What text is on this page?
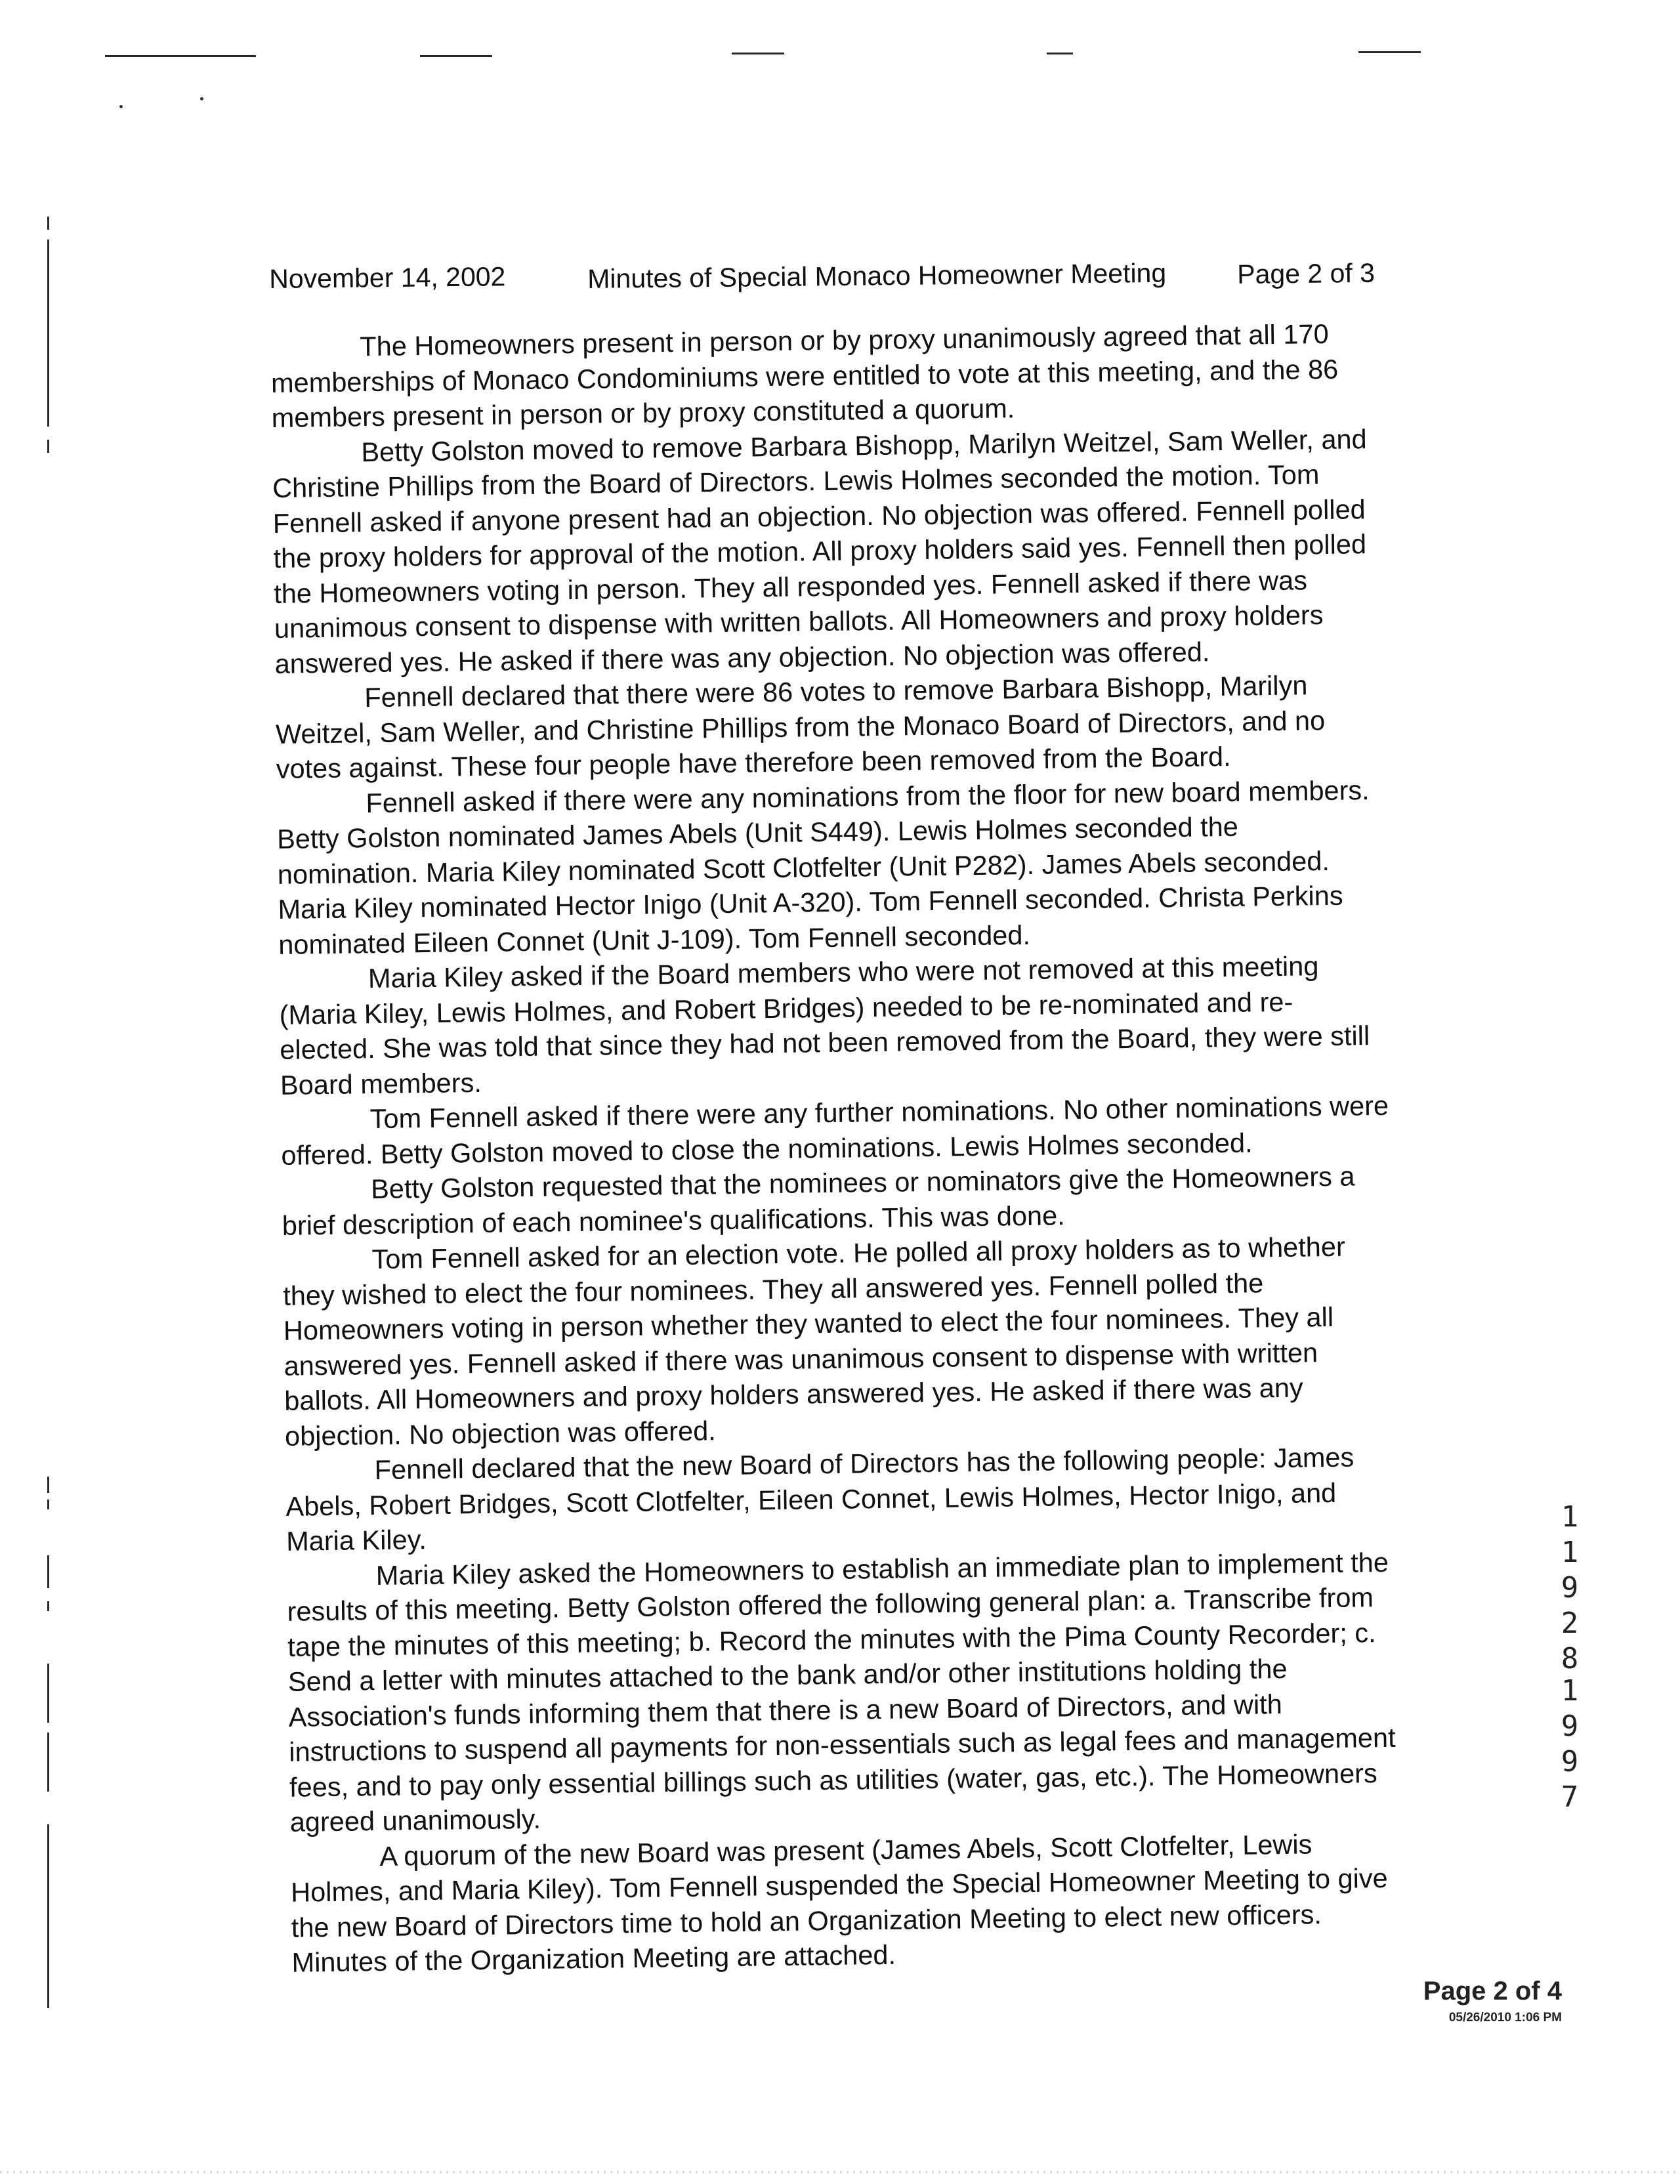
November 14, 2002	Minutes of Special Monaco Homeowner Meeting	Page 2 of 3

The Homeowners present in person or by proxy unanimously agreed that all 170 memberships of Monaco Condominiums were entitled to vote at this meeting, and the 86 members present in person or by proxy constituted a quorum.

Betty Golston moved to remove Barbara Bishopp, Marilyn Weitzel, Sam Weller, and Christine Phillips from the Board of Directors. Lewis Holmes seconded the motion. Tom Fennell asked if anyone present had an objection. No objection was offered. Fennell polled the proxy holders for approval of the motion. All proxy holders said yes. Fennell then polled the Homeowners voting in person. They all responded yes. Fennell asked if there was unanimous consent to dispense with written ballots. All Homeowners and proxy holders answered yes. He asked if there was any objection. No objection was offered.

Fennell declared that there were 86 votes to remove Barbara Bishopp, Marilyn Weitzel, Sam Weller, and Christine Phillips from the Monaco Board of Directors, and no votes against. These four people have therefore been removed from the Board.

Fennell asked if there were any nominations from the floor for new board members. Betty Golston nominated James Abels (Unit S449). Lewis Holmes seconded the nomination. Maria Kiley nominated Scott Clotfelter (Unit P282). James Abels seconded. Maria Kiley nominated Hector Inigo (Unit A-320). Tom Fennell seconded. Christa Perkins nominated Eileen Connet (Unit J-109). Tom Fennell seconded.

Maria Kiley asked if the Board members who were not removed at this meeting (Maria Kiley, Lewis Holmes, and Robert Bridges) needed to be re-nominated and re-elected. She was told that since they had not been removed from the Board, they were still Board members.

Tom Fennell asked if there were any further nominations. No other nominations were offered. Betty Golston moved to close the nominations. Lewis Holmes seconded.

Betty Golston requested that the nominees or nominators give the Homeowners a brief description of each nominee's qualifications. This was done.

Tom Fennell asked for an election vote. He polled all proxy holders as to whether they wished to elect the four nominees. They all answered yes. Fennell polled the Homeowners voting in person whether they wanted to elect the four nominees. They all answered yes. Fennell asked if there was unanimous consent to dispense with written ballots. All Homeowners and proxy holders answered yes. He asked if there was any objection. No objection was offered.

Fennell declared that the new Board of Directors has the following people: James Abels, Robert Bridges, Scott Clotfelter, Eileen Connet, Lewis Holmes, Hector Inigo, and Maria Kiley.

Maria Kiley asked the Homeowners to establish an immediate plan to implement the results of this meeting. Betty Golston offered the following general plan: a. Transcribe from tape the minutes of this meeting; b. Record the minutes with the Pima County Recorder; c. Send a letter with minutes attached to the bank and/or other institutions holding the Association's funds informing them that there is a new Board of Directors, and with instructions to suspend all payments for non-essentials such as legal fees and management fees, and to pay only essential billings such as utilities (water, gas, etc.). The Homeowners agreed unanimously.

A quorum of the new Board was present (James Abels, Scott Clotfelter, Lewis Holmes, and Maria Kiley). Tom Fennell suspended the Special Homeowner Meeting to give the new Board of Directors time to hold an Organization Meeting to elect new officers. Minutes of the Organization Meeting are attached.

1
1
9
2
8
1
9
9
7
Page 2 of 4
05/26/2010 1:06 PM
